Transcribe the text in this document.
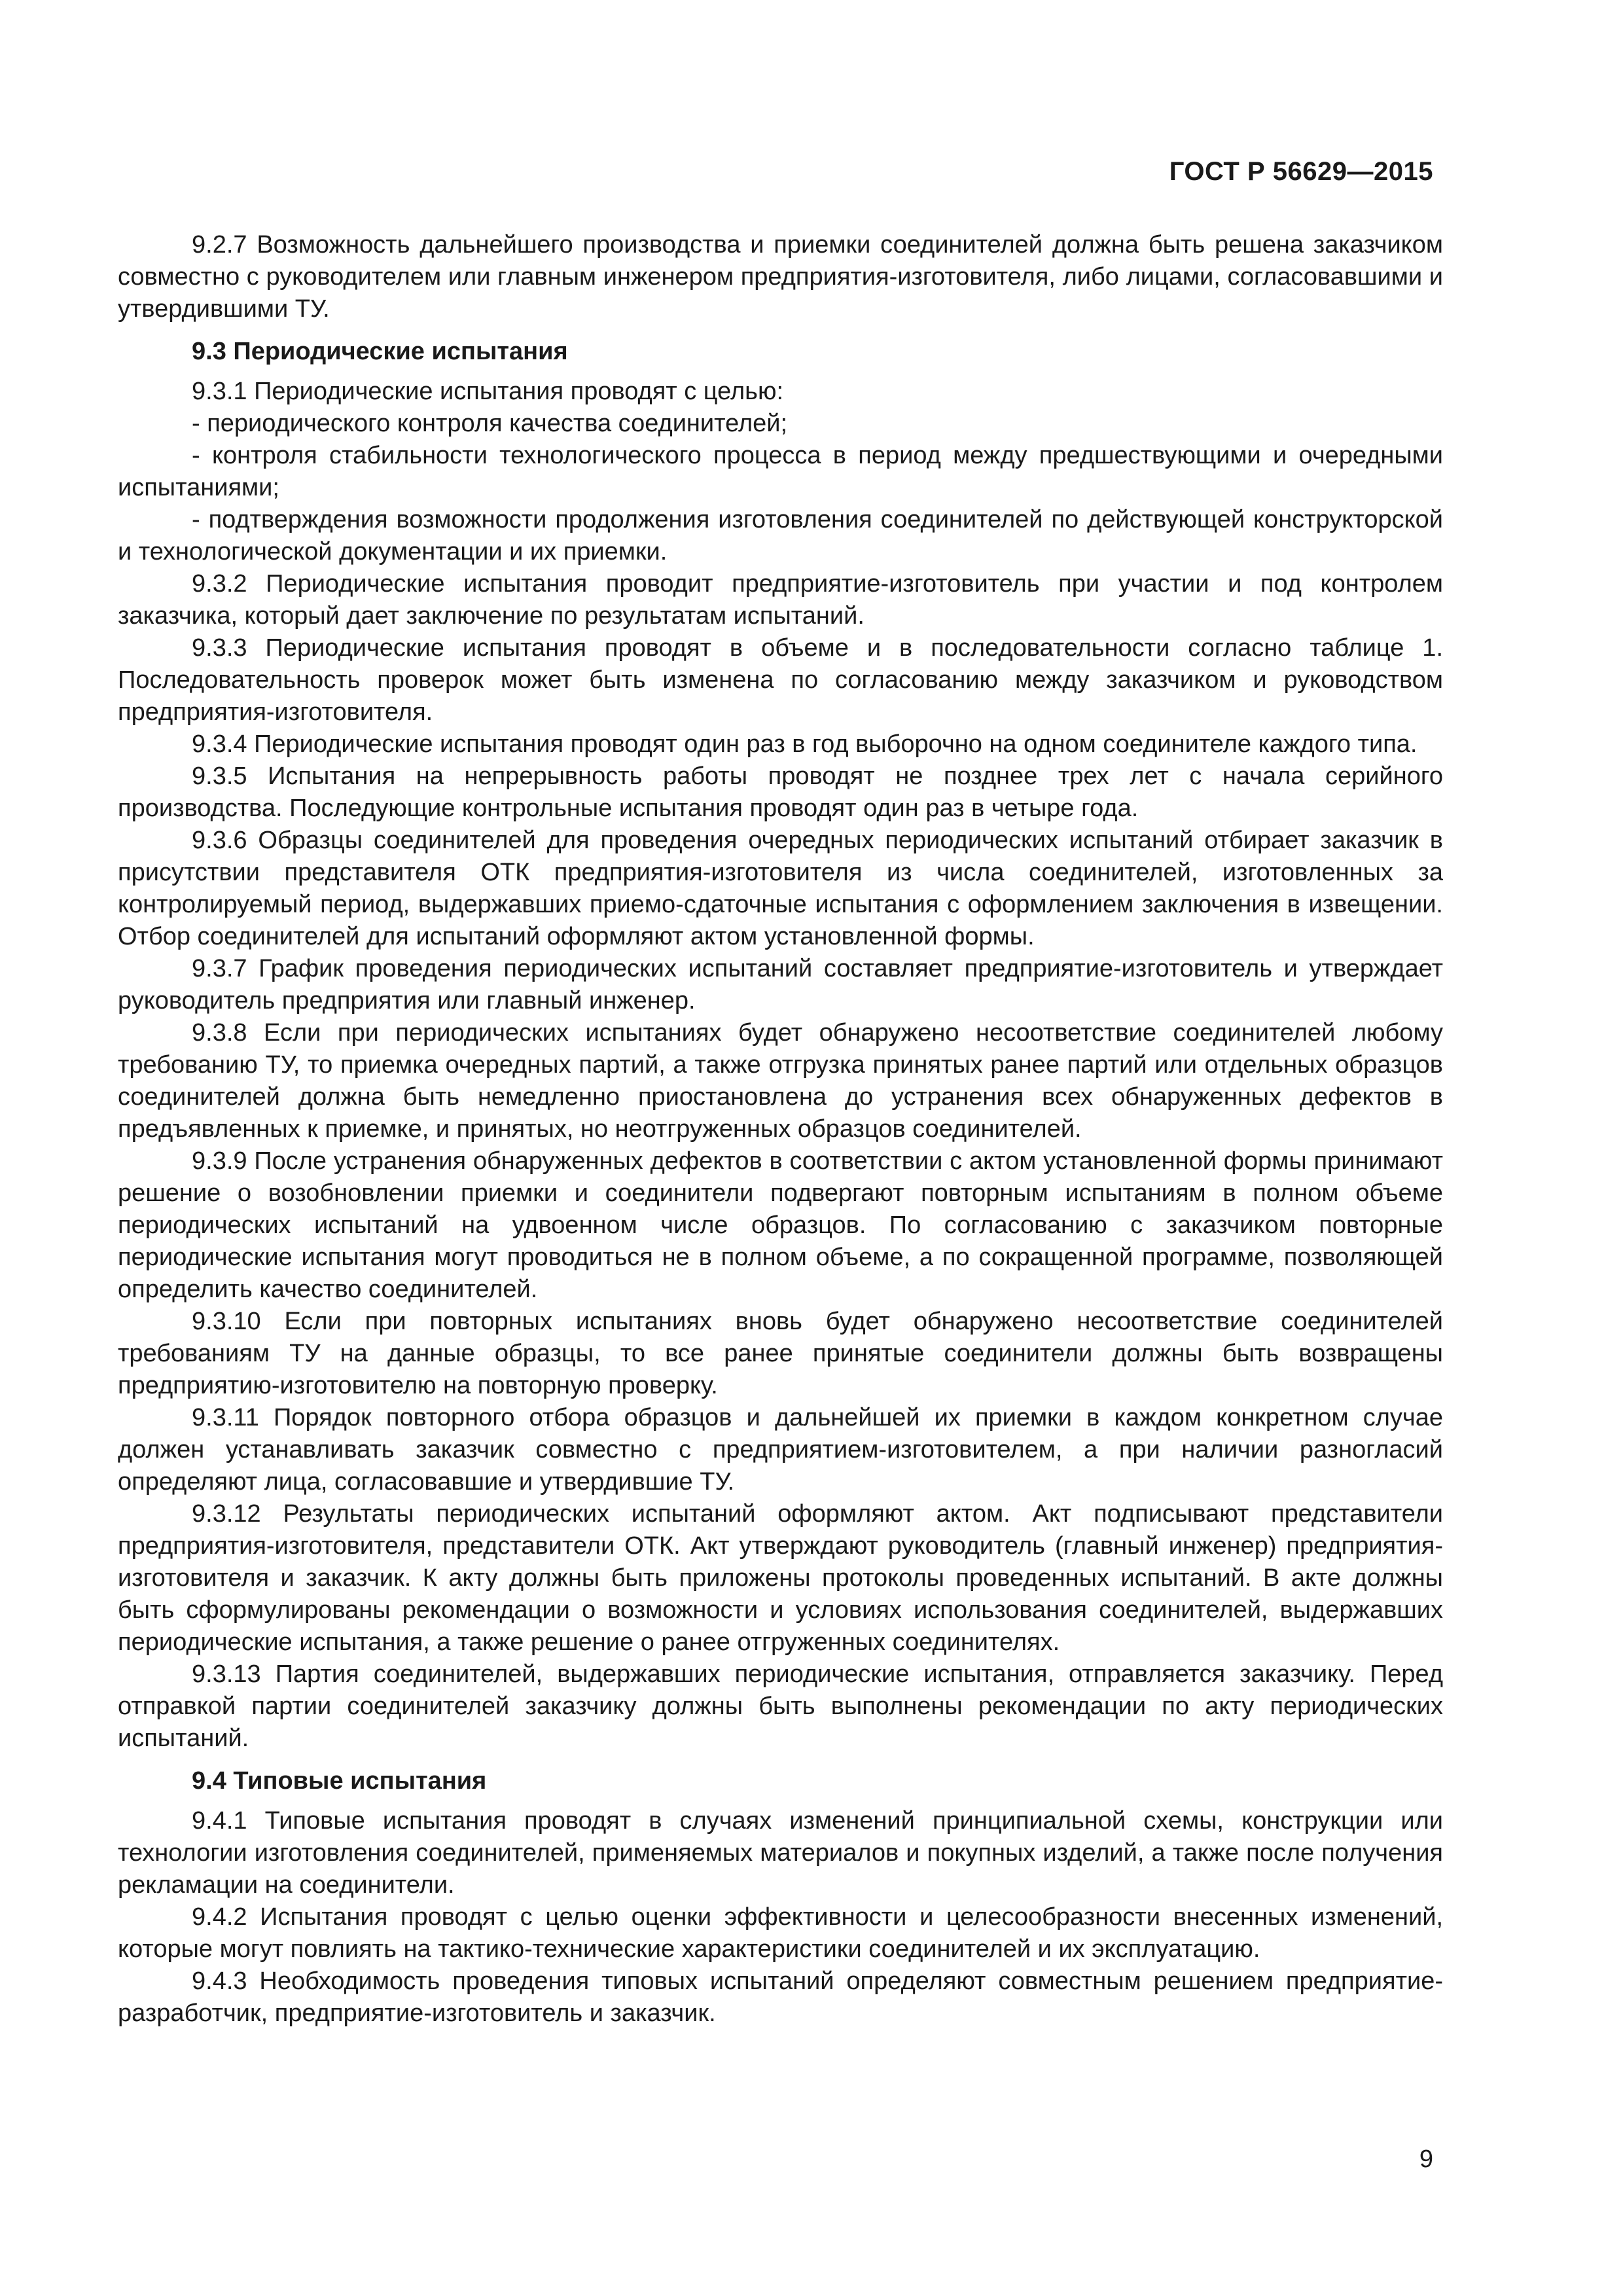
ГОСТ Р 56629—2015

9.2.7 Возможность дальнейшего производства и приемки соединителей должна быть решена заказчиком совместно с руководителем или главным инженером предприятия-изготовителя, либо лицами, согласовавшими и утвердившими ТУ.

9.3 Периодические испытания

9.3.1 Периодические испытания проводят с целью:

- периодического контроля качества соединителей;

- контроля стабильности технологического процесса в период между предшествующими и очередными испытаниями;

- подтверждения возможности продолжения изготовления соединителей по действующей конструкторской и технологической документации и их приемки.

9.3.2 Периодические испытания проводит предприятие-изготовитель при участии и под контролем заказчика, который дает заключение по результатам испытаний.

9.3.3 Периодические испытания проводят в объеме и в последовательности согласно таблице 1. Последовательность проверок может быть изменена по согласованию между заказчиком и руководством предприятия-изготовителя.

9.3.4 Периодические испытания проводят один раз в год выборочно на одном соединителе каждого типа.

9.3.5 Испытания на непрерывность работы проводят не позднее трех лет с начала серийного производства. Последующие контрольные испытания проводят один раз в четыре года.

9.3.6 Образцы соединителей для проведения очередных периодических испытаний отбирает заказчик в присутствии представителя ОТК предприятия-изготовителя из числа соединителей, изготовленных за контролируемый период, выдержавших приемо-сдаточные испытания с оформлением заключения в извещении. Отбор соединителей для испытаний оформляют актом установленной формы.

9.3.7 График проведения периодических испытаний составляет предприятие-изготовитель и утверждает руководитель предприятия или главный инженер.

9.3.8 Если при периодических испытаниях будет обнаружено несоответствие соединителей любому требованию ТУ, то приемка очередных партий, а также отгрузка принятых ранее партий или отдельных образцов соединителей должна быть немедленно приостановлена до устранения всех обнаруженных дефектов в предъявленных к приемке, и принятых, но неотгруженных образцов соединителей.

9.3.9 После устранения обнаруженных дефектов в соответствии с актом установленной формы принимают решение о возобновлении приемки и соединители подвергают повторным испытаниям в полном объеме периодических испытаний на удвоенном числе образцов. По согласованию с заказчиком повторные периодические испытания могут проводиться не в полном объеме, а по сокращенной программе, позволяющей определить качество соединителей.

9.3.10 Если при повторных испытаниях вновь будет обнаружено несоответствие соединителей требованиям ТУ на данные образцы, то все ранее принятые соединители должны быть возвращены предприятию-изготовителю на повторную проверку.

9.3.11 Порядок повторного отбора образцов и дальнейшей их приемки в каждом конкретном случае должен устанавливать заказчик совместно с предприятием-изготовителем, а при наличии разногласий определяют лица, согласовавшие и утвердившие ТУ.

9.3.12 Результаты периодических испытаний оформляют актом. Акт подписывают представители предприятия-изготовителя, представители ОТК. Акт утверждают руководитель (главный инженер) предприятия-изготовителя и заказчик. К акту должны быть приложены протоколы проведенных испытаний. В акте должны быть сформулированы рекомендации о возможности и условиях использования соединителей, выдержавших периодические испытания, а также решение о ранее отгруженных соединителях.

9.3.13 Партия соединителей, выдержавших периодические испытания, отправляется заказчику. Перед отправкой партии соединителей заказчику должны быть выполнены рекомендации по акту периодических испытаний.

9.4 Типовые испытания

9.4.1 Типовые испытания проводят в случаях изменений принципиальной схемы, конструкции или технологии изготовления соединителей, применяемых материалов и покупных изделий, а также после получения рекламации на соединители.

9.4.2 Испытания проводят с целью оценки эффективности и целесообразности внесенных изменений, которые могут повлиять на тактико-технические характеристики соединителей и их эксплуатацию.

9.4.3 Необходимость проведения типовых испытаний определяют совместным решением предприятие-разработчик, предприятие-изготовитель и заказчик.

9
